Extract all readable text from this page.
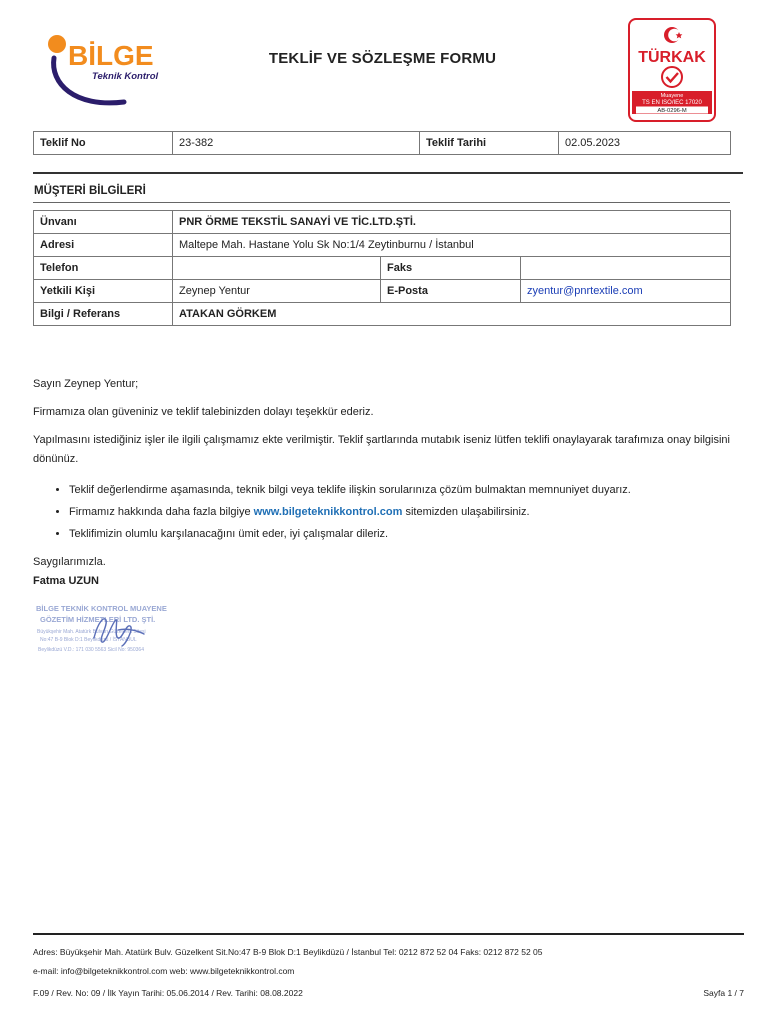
BİLGE
Teknik Kontrol
TEKLİF VE SÖZLEŞME FORMU	TÜRKAK
Muayene
TS EN ISO/IEC 17020
AB-0296-M
Teklif No	23-382	Teklif Tarihi	02.05.2023
MÜŞTERİ BİLGİLERİ
Ünvanı	PNR ÖRME TEKSTİL SANAYİ VE TİC.LTD.ŞTİ.		
Adresi	Maltepe Mah. Hastane Yolu Sk No:1/4 Zeytinburnu / İstanbul		
Telefon		Faks	
Yetkili Kişi	Zeynep Yentur	E-Posta	zyentur@pnrtextile.com
Bilgi / Referans	ATAKAN GÖRKEM		
Sayın Zeynep Yentur;
Firmamıza olan güveniniz ve teklif talebinizden dolayı teşekkür ederiz.
Yapılmasını istediğiniz işler ile ilgili çalışmamız ekte verilmiştir. Teklif şartlarında mutabık iseniz lütfen teklifi onaylayarak tarafımıza onay bilgisini dönünüz.
• Teklif değerlendirme aşamasında, teknik bilgi veya teklife ilişkin sorularınıza çözüm bulmaktan memnuniyet duyarız.
• Firmamız hakkında daha fazla bilgiye www.bilgeteknikkontrol.com sitemizden ulaşabilirsiniz.
• Teklifimizin olumlu karşılanacağını ümit eder, iyi çalışmalar dileriz.
Saygılarımızla.
Fatma UZUN
BİLGE TEKNİK KONTROL MUAYENE
GÖZETİM HİZMETLERİ LTD. ŞTİ.
Büyükşehir Mah. Atatürk Bulvarı Güzelkent Sitesi
No:47 B-9 Blok D:1 Beylikdüzü / İSTANBUL
Beylikdüzü V.D.: 171 030 5563 Sicil No: 950364
Adres: Büyükşehir Mah. Atatürk Bulv. Güzelkent Sit.No:47 B-9 Blok D:1 Beylikdüzü / İstanbul Tel: 0212 872 52 04 Faks: 0212 872 52 05
e-mail: info@bilgeteknikkontrol.com web: www.bilgeteknikkontrol.com
F.09 / Rev. No: 09 / İlk Yayın Tarihi: 05.06.2014 / Rev. Tarihi: 08.08.2022	Sayfa 1 / 7
